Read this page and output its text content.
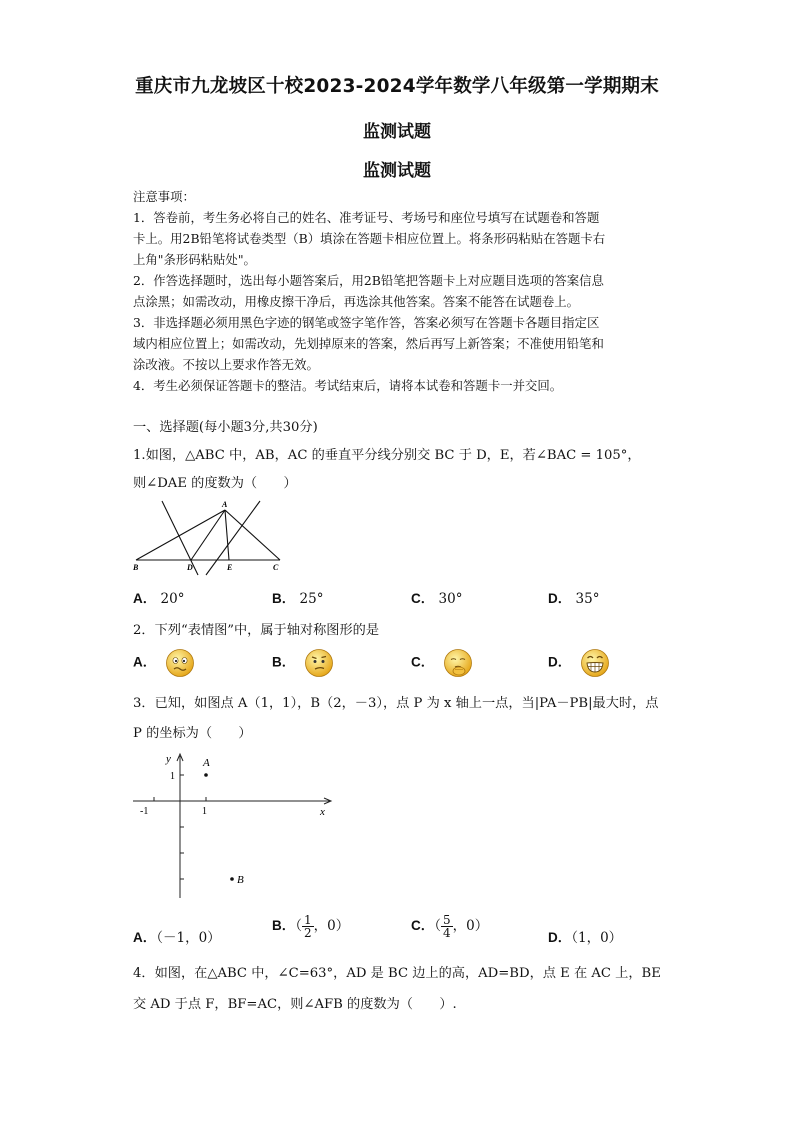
重庆市九龙坡区十校2023-2024学年数学八年级第一学期期末
监测试题
监测试题
注意事项：
1．答卷前，考生务必将自己的姓名、准考证号、考场号和座位号填写在试题卷和答题
卡上。用2B铅笔将试卷类型（B）填涂在答题卡相应位置上。将条形码粘贴在答题卡右
上角"条形码粘贴处"。
2．作答选择题时，选出每小题答案后，用2B铅笔把答题卡上对应题目选项的答案信息
点涂黑；如需改动，用橡皮擦干净后，再选涂其他答案。答案不能答在试题卷上。
3．非选择题必须用黑色字迹的钢笔或签字笔作答，答案必须写在答题卡各题目指定区
域内相应位置上；如需改动，先划掉原来的答案，然后再写上新答案；不准使用铅笔和
涂改液。不按以上要求作答无效。
4．考生必须保证答题卡的整洁。考试结束后，请将本试卷和答题卡一并交回。
一、选择题(每小题3分,共30分)
1.如图，△ABC 中，AB，AC 的垂直平分线分别交 BC 于 D，E，若∠BAC = 105°，
则∠DAE 的度数为（　　）
A
B	C
D	E
A． 20°	B． 25°	C． 30°	D． 35°
2．下列“表情图”中，属于轴对称图形的是
A．	B．	C．	D．
3．已知，如图点 A（1，1），B（2，－3），点 P 为 x 轴上一点，当|PA－PB|最大时，点
P 的坐标为（　　）
y
x
1
-1	1
A
B
A．（－1，0）
B．（ $\frac{1}{2}$ ，0）	C．（ $\frac{5}{4}$ ，0）
D．（1，0）
4．如图，在△ABC 中，∠C=63°，AD 是 BC 边上的高，AD=BD，点 E 在 AC 上，BE
交 AD 于点 F，BF=AC，则∠AFB 的度数为（　　）.
